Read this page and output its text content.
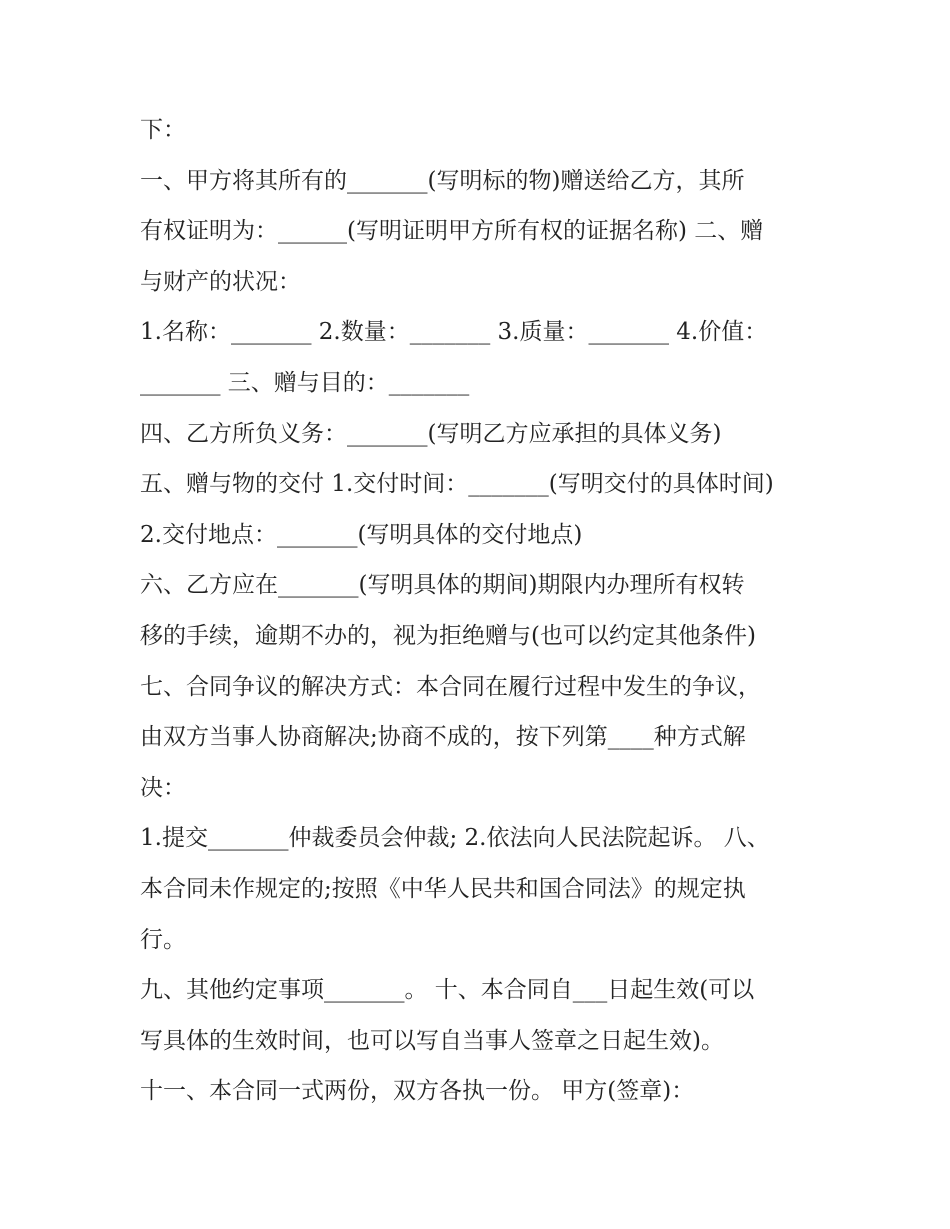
下：
一、甲方将其所有的_______(写明标的物)赠送给乙方，其所
有权证明为：______(写明证明甲方所有权的证据名称) 二、赠
与财产的状况：
1.名称：_______ 2.数量：_______ 3.质量：_______ 4.价值：
_______ 三、赠与目的：_______
四、乙方所负义务：_______(写明乙方应承担的具体义务)
五、赠与物的交付 1.交付时间：_______(写明交付的具体时间)
2.交付地点：_______(写明具体的交付地点)
六、乙方应在_______(写明具体的期间)期限内办理所有权转
移的手续，逾期不办的，视为拒绝赠与(也可以约定其他条件)
七、合同争议的解决方式：本合同在履行过程中发生的争议，
由双方当事人协商解决;协商不成的，按下列第____种方式解
决：
1.提交_______仲裁委员会仲裁; 2.依法向人民法院起诉。 八、
本合同未作规定的;按照《中华人民共和国合同法》的规定执
行。
九、其他约定事项_______。 十、本合同自___日起生效(可以
写具体的生效时间，也可以写自当事人签章之日起生效)。
十一、本合同一式两份，双方各执一份。 甲方(签章)：
